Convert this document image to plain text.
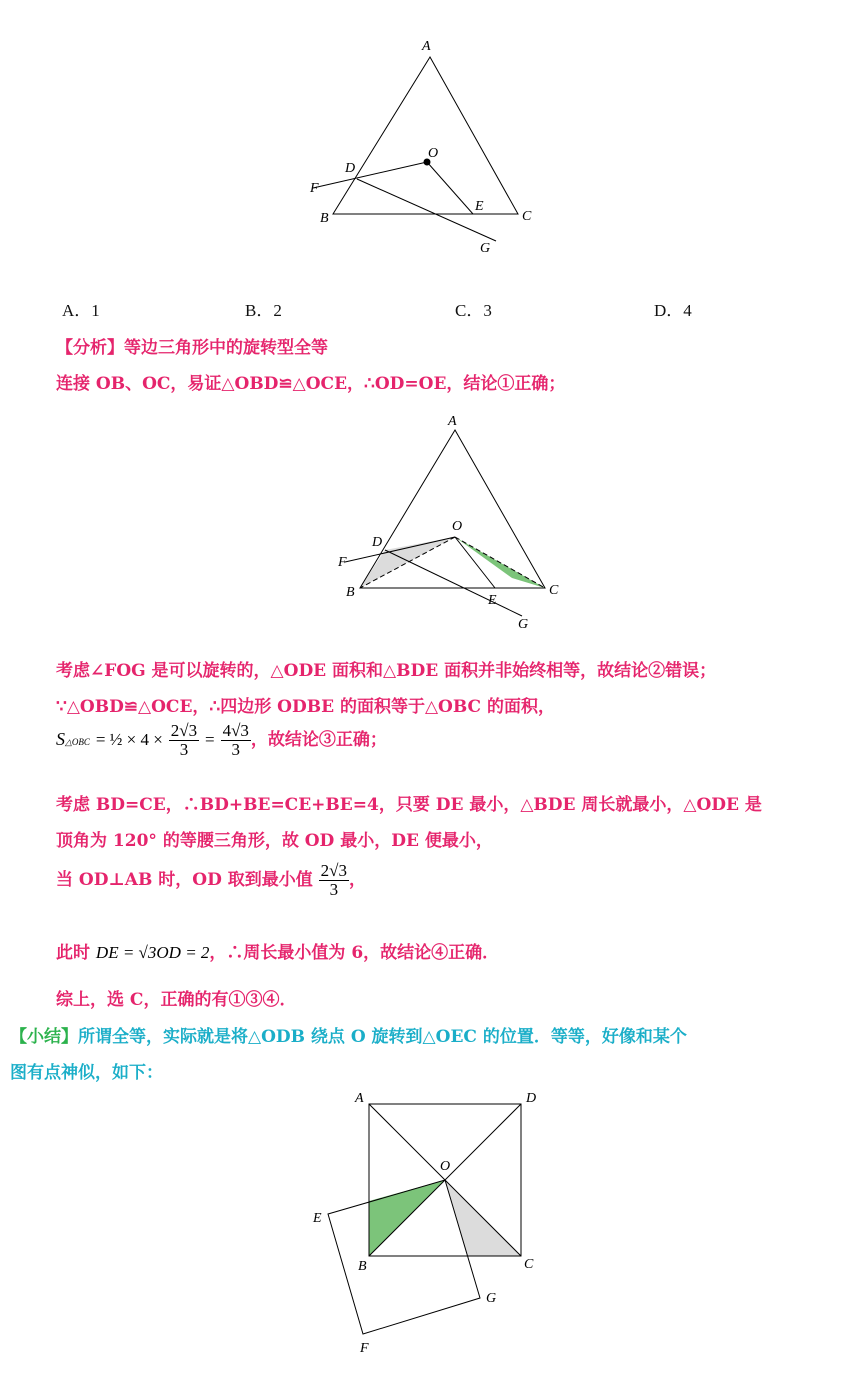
A
B	C
D
E
F
G
O
A
B	C
D
E
F
G
O
A
B	C
D
E
F
G
O
A．1	B．2	C．3	D．4
【分析】等边三角形中的旋转型全等
连接 OB、OC，易证△OBD≌△OCE，∴OD=OE，结论①正确；
考虑∠FOG 是可以旋转的，△ODE 面积和△BDE 面积并非始终相等，故结论②错误；
∵△OBD≌△OCE，∴四边形 ODBE 的面积等于△OBC 的面积，
S△OBC = ½ × $4 \times \frac{2√3}{3} = \frac{4√3}{3}$ ，故结论③正确；
考虑 BD=CE，∴BD+BE=CE+BE=4，只要 DE 最小，△BDE 周长就最小，△ODE 是
顶角为 120° 的等腰三角形，故 OD 最小，DE 便最小，
当 OD⊥AB 时，OD 取到最小值 $\frac{2√3}{3}$ ，
此时 DE = √3OD = 2，∴周长最小值为 6，故结论④正确．
综上，选 C，正确的有①③④．
【小结】所谓全等，实际就是将△ODB 绕点 O 旋转到△OEC 的位置．等等，好像和某个
图有点神似，如下：
